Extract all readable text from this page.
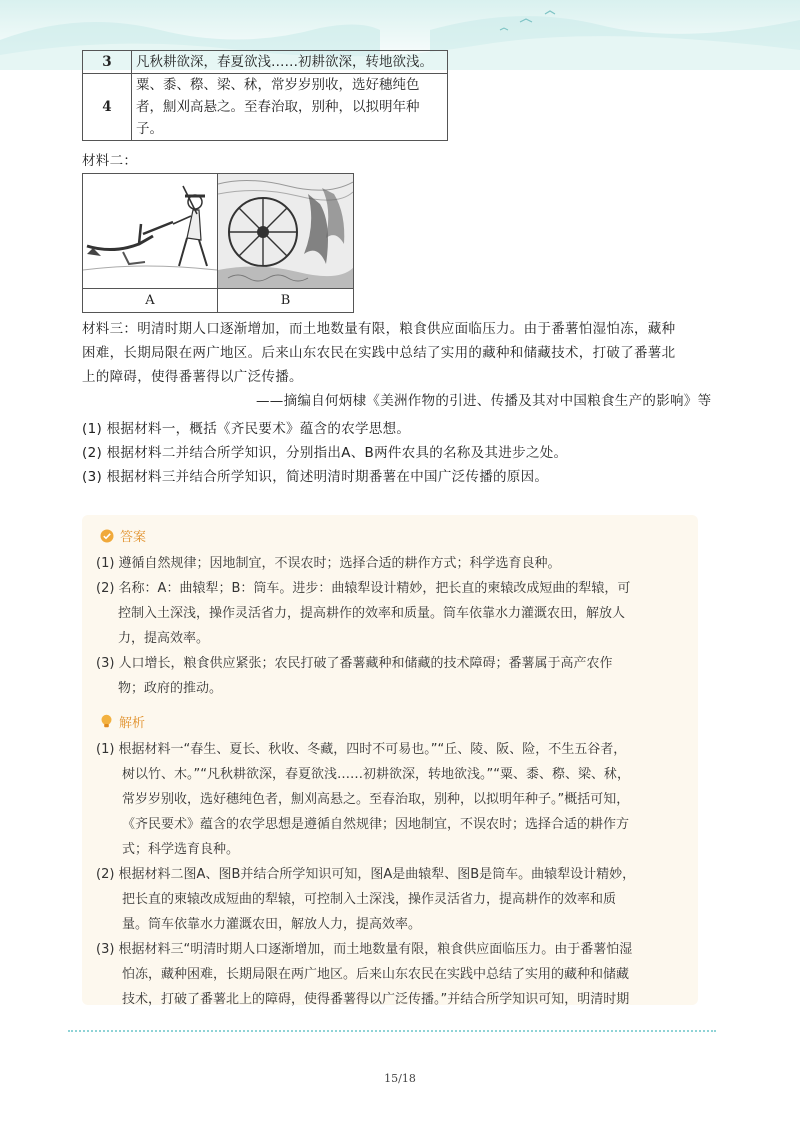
3	凡秋耕欲深，春夏欲浅……初耕欲深，转地欲浅。

4	粟、黍、穄、梁、秫，常岁岁别收，选好穗纯色
者，劁刈高悬之。至春治取，别种，以拟明年种
子。
材料二：
A	B
材料三：明清时期人口逐渐增加，而土地数量有限，粮食供应面临压力。由于番薯怕湿怕冻，藏种
困难，长期局限在两广地区。后来山东农民在实践中总结了实用的藏种和储藏技术，打破了番薯北
上的障碍，使得番薯得以广泛传播。
——摘编自何炳棣《美洲作物的引进、传播及其对中国粮食生产的影响》等
(1) 根据材料一，概括《齐民要术》蕴含的农学思想。
(2) 根据材料二并结合所学知识，分别指出A、B两件农具的名称及其进步之处。
(3) 根据材料三并结合所学知识，简述明清时期番薯在中国广泛传播的原因。
答案
(1) 遵循自然规律；因地制宜，不误农时；选择合适的耕作方式；科学选育良种。
(2) 名称：A：曲辕犁；B：筒车。进步：曲辕犁设计精妙，把长直的柬辕改成短曲的犁辕，可
控制入土深浅，操作灵活省力，提高耕作的效率和质量。筒车依靠水力灌溉农田，解放人
力，提高效率。
(3) 人口增长，粮食供应紧张；农民打破了番薯藏种和储藏的技术障碍；番薯属于高产农作
物；政府的推动。
解析
(1) 根据材料一“春生、夏长、秋收、冬藏，四时不可易也。”“丘、陵、阪、险，不生五谷者，
树以竹、木。”“凡秋耕欲深，春夏欲浅……初耕欲深，转地欲浅。”“粟、黍、穄、梁、秫，
常岁岁别收，选好穗纯色者，劁刈高悬之。至春治取，别种，以拟明年种子。”概括可知，
《齐民要术》蕴含的农学思想是遵循自然规律；因地制宜，不误农时；选择合适的耕作方
式；科学选育良种。
(2) 根据材料二图A、图B并结合所学知识可知，图A是曲辕犁、图B是筒车。曲辕犁设计精妙，
把长直的柬辕改成短曲的犁辕，可控制入土深浅，操作灵活省力，提高耕作的效率和质
量。筒车依靠水力灌溉农田，解放人力，提高效率。
(3) 根据材料三“明清时期人口逐渐增加，而土地数量有限，粮食供应面临压力。由于番薯怕湿
怕冻，藏种困难，长期局限在两广地区。后来山东农民在实践中总结了实用的藏种和储藏
技术，打破了番薯北上的障碍，使得番薯得以广泛传播。”并结合所学知识可知，明清时期
15/18
